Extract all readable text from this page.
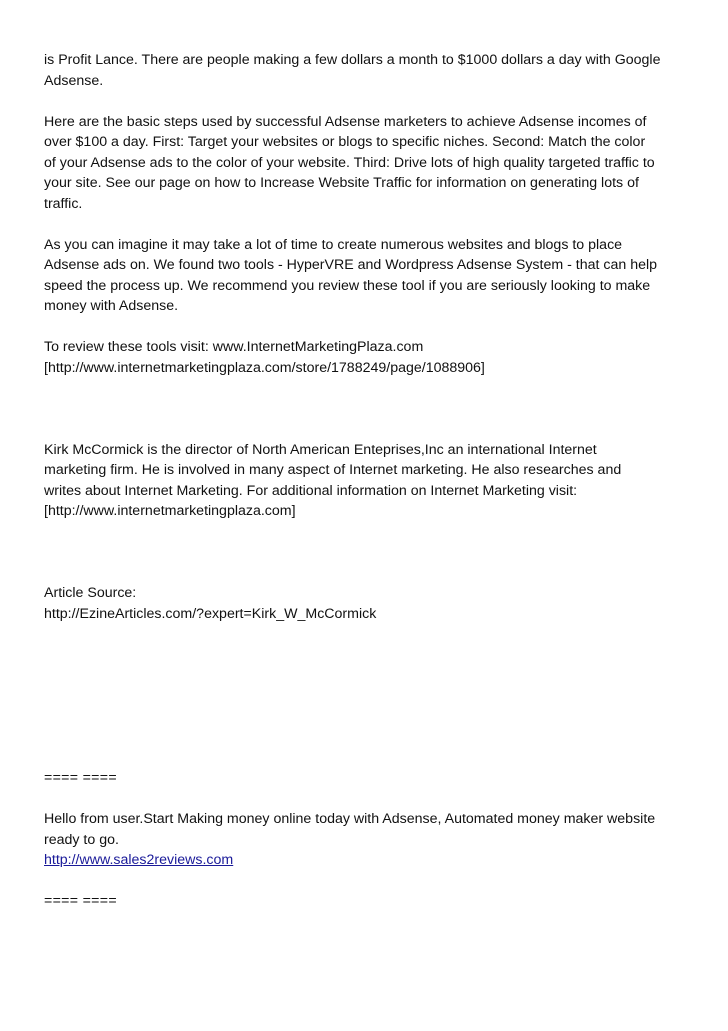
is Profit Lance. There are people making a few dollars a month to $1000 dollars a day with Google
Adsense.

Here are the basic steps used by successful Adsense marketers to achieve Adsense incomes of
over $100 a day. First: Target your websites or blogs to specific niches. Second: Match the color
of your Adsense ads to the color of your website. Third: Drive lots of high quality targeted traffic to
your site. See our page on how to Increase Website Traffic for information on generating lots of
traffic.

As you can imagine it may take a lot of time to create numerous websites and blogs to place
Adsense ads on. We found two tools - HyperVRE and Wordpress Adsense System - that can help
speed the process up. We recommend you review these tool if you are seriously looking to make
money with Adsense.

To review these tools visit: www.InternetMarketingPlaza.com
[http://www.internetmarketingplaza.com/store/1788249/page/1088906]

Kirk McCormick is the director of North American Enteprises,Inc an international Internet
marketing firm. He is involved in many aspect of Internet marketing. He also researches and
writes about Internet Marketing. For additional information on Internet Marketing visit:
[http://www.internetmarketingplaza.com]

Article Source:
http://EzineArticles.com/?expert=Kirk_W_McCormick

==== ====

Hello from user.Start Making money online today with Adsense, Automated money maker website
ready to go.
http://www.sales2reviews.com

==== ====
